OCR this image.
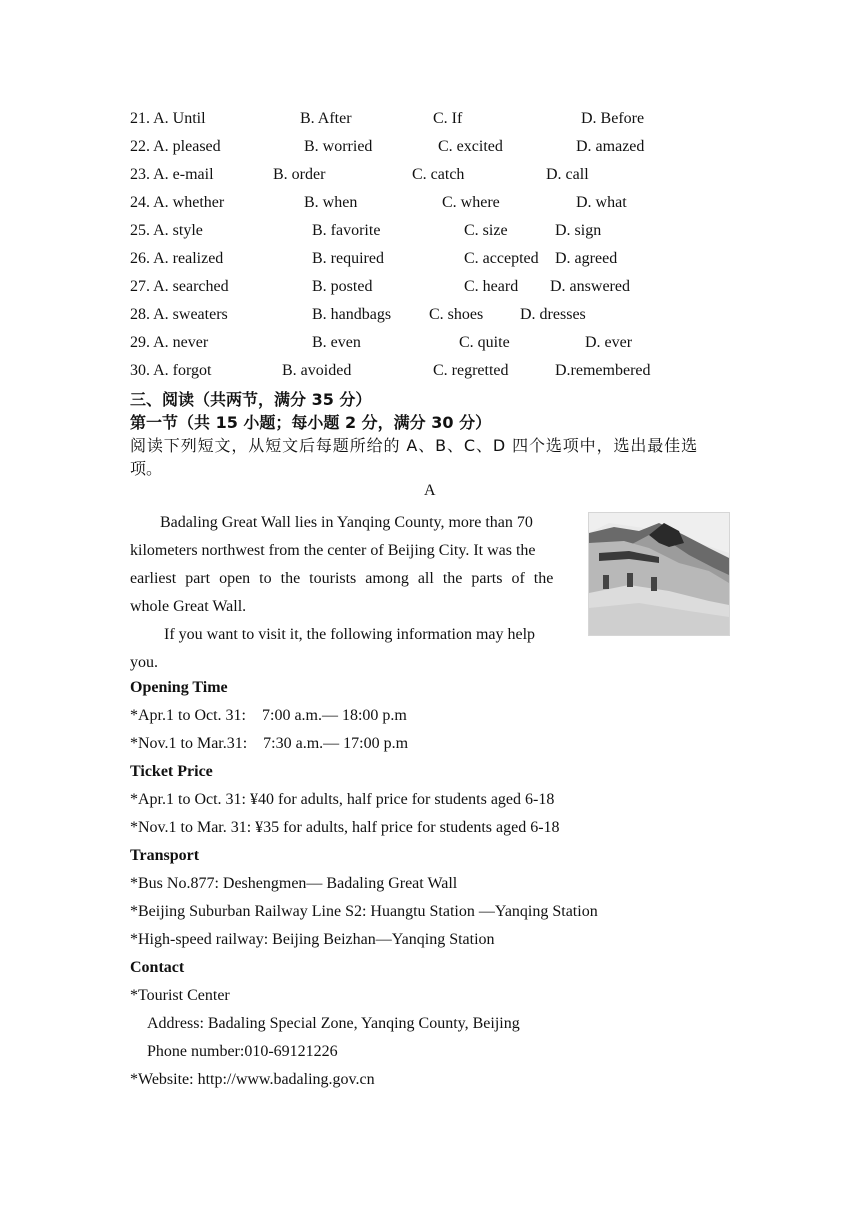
21. A. Until	B. After	C. If	D. Before
22. A. pleased	B. worried	C. excited	D. amazed
23. A. e-mail	B. order	C. catch	D. call
24. A. whether	B. when	C. where	D. what
25. A. style	B. favorite	C. size	D. sign
26. A. realized	B. required	C. accepted D. agreed
27. A. searched	B. posted	C. heard D. answered
28. A. sweaters	B. handbags C. shoes D. dresses
29. A. never	B. even	C. quite	D. ever
30. A. forgot	B. avoided	C. regretted	D.remembered
三、阅读（共两节，满分 35 分）
第一节（共 15 小题；每小题 2 分，满分 30 分）
阅读下列短文，从短文后每题所给的 A、B、C、D 四个选项中，选出最佳选
项。
A
Badaling Great Wall lies in Yanqing County, more than 70
kilometers northwest from the center of Beijing City. It was the
earliest part open to the tourists among all the parts of the
whole Great Wall.
If you want to visit it, the following information may help
you.
Opening Time
*Apr.1 to Oct. 31:    7:00 a.m.— 18:00 p.m
*Nov.1 to Mar.31:    7:30 a.m.— 17:00 p.m
Ticket Price
*Apr.1 to Oct. 31: ¥40 for adults, half price for students aged 6-18
*Nov.1 to Mar. 31: ¥35 for adults, half price for students aged 6-18
Transport
*Bus No.877: Deshengmen— Badaling Great Wall
*Beijing Suburban Railway Line S2: Huangtu Station —Yanqing Station
*High-speed railway: Beijing Beizhan—Yanqing Station
Contact
*Tourist Center
Address: Badaling Special Zone, Yanqing County, Beijing
Phone number:010-69121226
*Website: http://www.badaling.gov.cn
